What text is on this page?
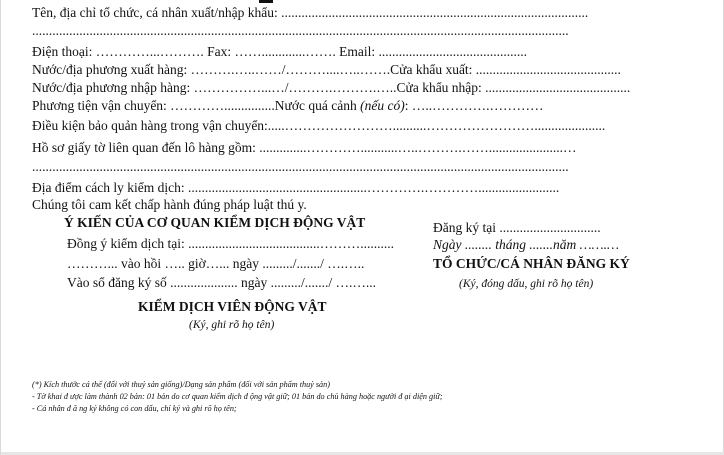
Tên, địa chỉ tổ chức, cá nhân xuất/nhập khẩu: ...........................................................................................
...............................................................................................................................................................
Điện thoại: …………...………. Fax: …….............……. Email: ............................................
Nước/địa phương xuất hàng: ……….…..……/………....…..…….Cửa khẩu xuất: ...........................................
Nước/địa phương nhập hàng: ……………...…/……….……….…..Cửa khẩu nhập: ...........................................
Phương tiện vận chuyển: …………...............Nước quá cảnh (nếu có): …..………….…………
Điều kiện bảo quản hàng trong vận chuyển:.....……………………..........…………………….....................
Hồ sơ giấy tờ liên quan đến lô hàng gồm: ..............…………...........…..……….……......................…
...............................................................................................................................................................
Địa điểm cách ly kiểm dịch: .....................................................………….…………........................
Chúng tôi cam kết chấp hành đúng pháp luật thú y.
Ý KIẾN CỦA CƠ QUAN KIỂM DỊCH ĐỘNG VẬT
Đồng ý kiểm dịch tại: .......................................………..........
………... vào hồi ….. giờ…... ngày ........./......./ ….…..
Vào sổ đăng ký số .................... ngày ........./......./ ….…...
KIỂM DỊCH VIÊN ĐỘNG VẬT
(Ký, ghi rõ họ tên)
Đăng ký tại ..............................
Ngày ........ tháng .......năm …….…
TỔ CHỨC/CÁ NHÂN ĐĂNG KÝ
(Ký, đóng dấu, ghi rõ họ tên)
(*) Kích thước cá thể (đối với thuỷ sản giống)/Dạng sản phẩm (đối với sản phẩm thuỷ sản)
- Tờ khai đ ược làm thành 02 bản: 01 bản do cơ quan kiểm dịch đ ộng vật giữ; 01 bản do chủ hàng hoặc người đ ại diện giữ;
- Cá nhân đ ă ng ký không có con dấu, chỉ ký và ghi rõ họ tên;
